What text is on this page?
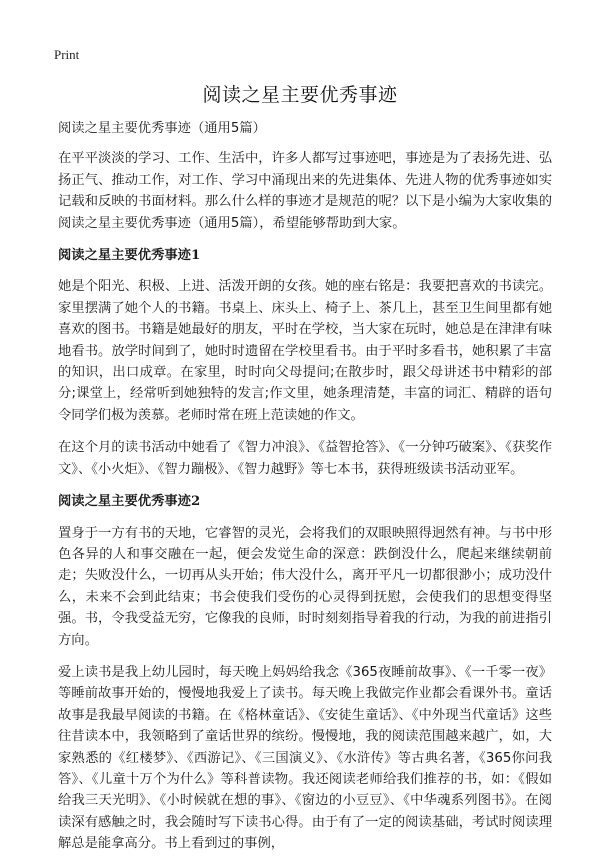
Print
阅读之星主要优秀事迹

阅读之星主要优秀事迹（通用5篇）

在平平淡淡的学习、工作、生活中，许多人都写过事迹吧，事迹是为了表扬先进、弘扬正气、推动工作，对工作、学习中涌现出来的先进集体、先进人物的优秀事迹如实记载和反映的书面材料。那么什么样的事迹才是规范的呢？以下是小编为大家收集的阅读之星主要优秀事迹（通用5篇），希望能够帮助到大家。

阅读之星主要优秀事迹1

她是个阳光、积极、上进、活泼开朗的女孩。她的座右铭是：我要把喜欢的书读完。家里摆满了她个人的书籍。书桌上、床头上、椅子上、茶几上，甚至卫生间里都有她喜欢的图书。书籍是她最好的朋友，平时在学校，当大家在玩时，她总是在津津有味地看书。放学时间到了，她时时遗留在学校里看书。由于平时多看书，她积累了丰富的知识，出口成章。在家里，时时向父母提问;在散步时，跟父母讲述书中精彩的部分;课堂上，经常听到她独特的发言;作文里，她条理清楚，丰富的词汇、精辟的语句令同学们极为羡慕。老师时常在班上范读她的作文。

在这个月的读书活动中她看了《智力冲浪》、《益智抢答》、《一分钟巧破案》、《获奖作文》、《小火炬》、《智力蹦极》、《智力越野》等七本书，获得班级读书活动亚军。

阅读之星主要优秀事迹2

置身于一方有书的天地，它睿智的灵光，会将我们的双眼映照得迥然有神。与书中形色各异的人和事交融在一起，便会发觉生命的深意：跌倒没什么，爬起来继续朝前走；失败没什么，一切再从头开始；伟大没什么，离开平凡一切都很渺小；成功没什么，未来不会到此结束；书会使我们受伤的心灵得到抚慰，会使我们的思想变得坚强。书，令我受益无穷，它像我的良师，时时刻刻指导着我的行动，为我的前进指引方向。

爱上读书是我上幼儿园时，每天晚上妈妈给我念《365夜睡前故事》、《一千零一夜》等睡前故事开始的，慢慢地我爱上了读书。每天晚上我做完作业都会看课外书。童话故事是我最早阅读的书籍。在《格林童话》、《安徒生童话》、《中外现当代童话》这些往昔读本中，我领略到了童话世界的缤纷。慢慢地，我的阅读范围越来越广，如，大家熟悉的《红楼梦》、《西游记》、《三国演义》、《水浒传》等古典名著，《365你问我答》、《儿童十万个为什么》等科普读物。我还阅读老师给我们推荐的书，如：《假如给我三天光明》、《小时候就在想的事》、《窗边的小豆豆》、《中华魂系列图书》。在阅读深有感触之时，我会随时写下读书心得。由于有了一定的阅读基础，考试时阅读理解总是能拿高分。书上看到过的事例，
